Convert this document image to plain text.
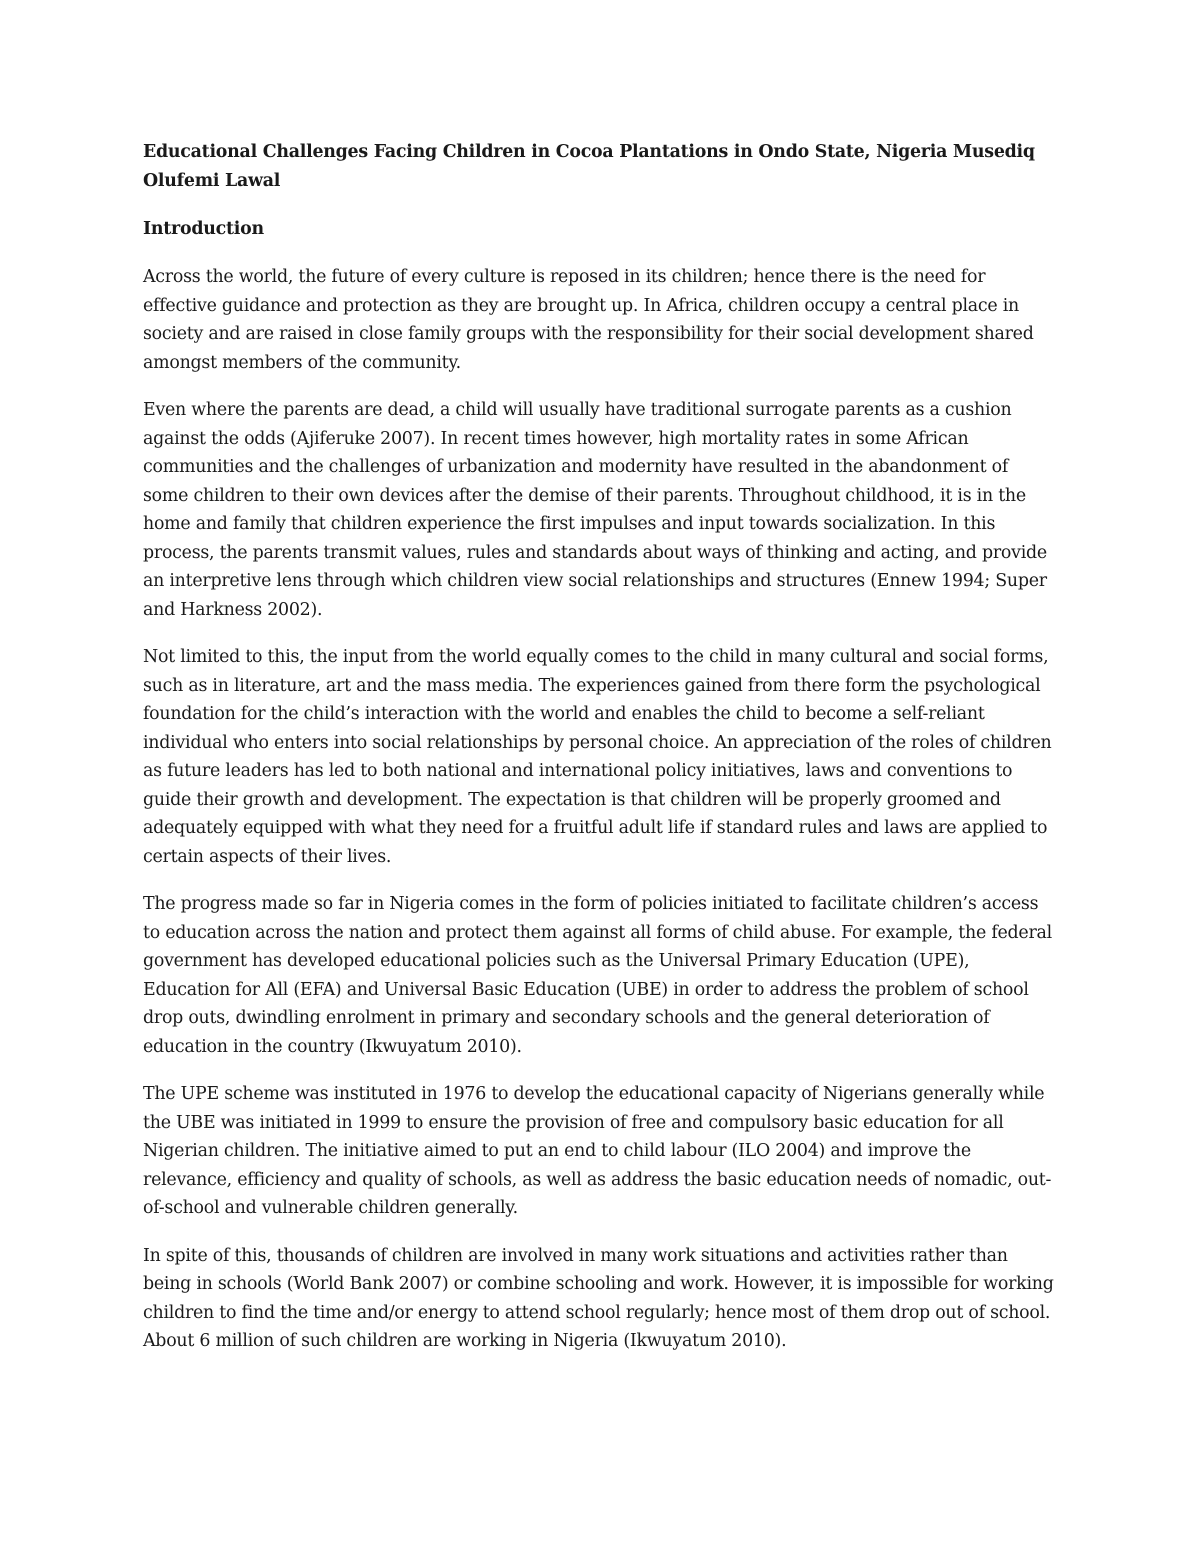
Educational Challenges Facing Children in Cocoa Plantations in Ondo State, Nigeria Musediq Olufemi Lawal
Introduction

Across the world, the future of every culture is reposed in its children; hence there is the need for effective guidance and protection as they are brought up. In Africa, children occupy a central place in society and are raised in close family groups with the responsibility for their social development shared amongst members of the community.

Even where the parents are dead, a child will usually have traditional surrogate parents as a cushion against the odds (Ajiferuke 2007). In recent times however, high mortality rates in some African communities and the challenges of urbanization and modernity have resulted in the abandonment of some children to their own devices after the demise of their parents. Throughout childhood, it is in the home and family that children experience the first impulses and input towards socialization. In this process, the parents transmit values, rules and standards about ways of thinking and acting, and provide an interpretive lens through which children view social relationships and structures (Ennew 1994; Super and Harkness 2002).

Not limited to this, the input from the world equally comes to the child in many cultural and social forms, such as in literature, art and the mass media. The experiences gained from there form the psychological foundation for the child’s interaction with the world and enables the child to become a self-reliant individual who enters into social relationships by personal choice. An appreciation of the roles of children as future leaders has led to both national and international policy initiatives, laws and conventions to guide their growth and development. The expectation is that children will be properly groomed and adequately equipped with what they need for a fruitful adult life if standard rules and laws are applied to certain aspects of their lives.

The progress made so far in Nigeria comes in the form of policies initiated to facilitate children’s access to education across the nation and protect them against all forms of child abuse. For example, the federal government has developed educational policies such as the Universal Primary Education (UPE), Education for All (EFA) and Universal Basic Education (UBE) in order to address the problem of school drop outs, dwindling enrolment in primary and secondary schools and the general deterioration of education in the country (Ikwuyatum 2010).

The UPE scheme was instituted in 1976 to develop the educational capacity of Nigerians generally while the UBE was initiated in 1999 to ensure the provision of free and compulsory basic education for all Nigerian children. The initiative aimed to put an end to child labour (ILO 2004) and improve the relevance, efficiency and quality of schools, as well as address the basic education needs of nomadic, out-of-school and vulnerable children generally.

In spite of this, thousands of children are involved in many work situations and activities rather than being in schools (World Bank 2007) or combine schooling and work. However, it is impossible for working children to find the time and/or energy to attend school regularly; hence most of them drop out of school. About 6 million of such children are working in Nigeria (Ikwuyatum 2010).
